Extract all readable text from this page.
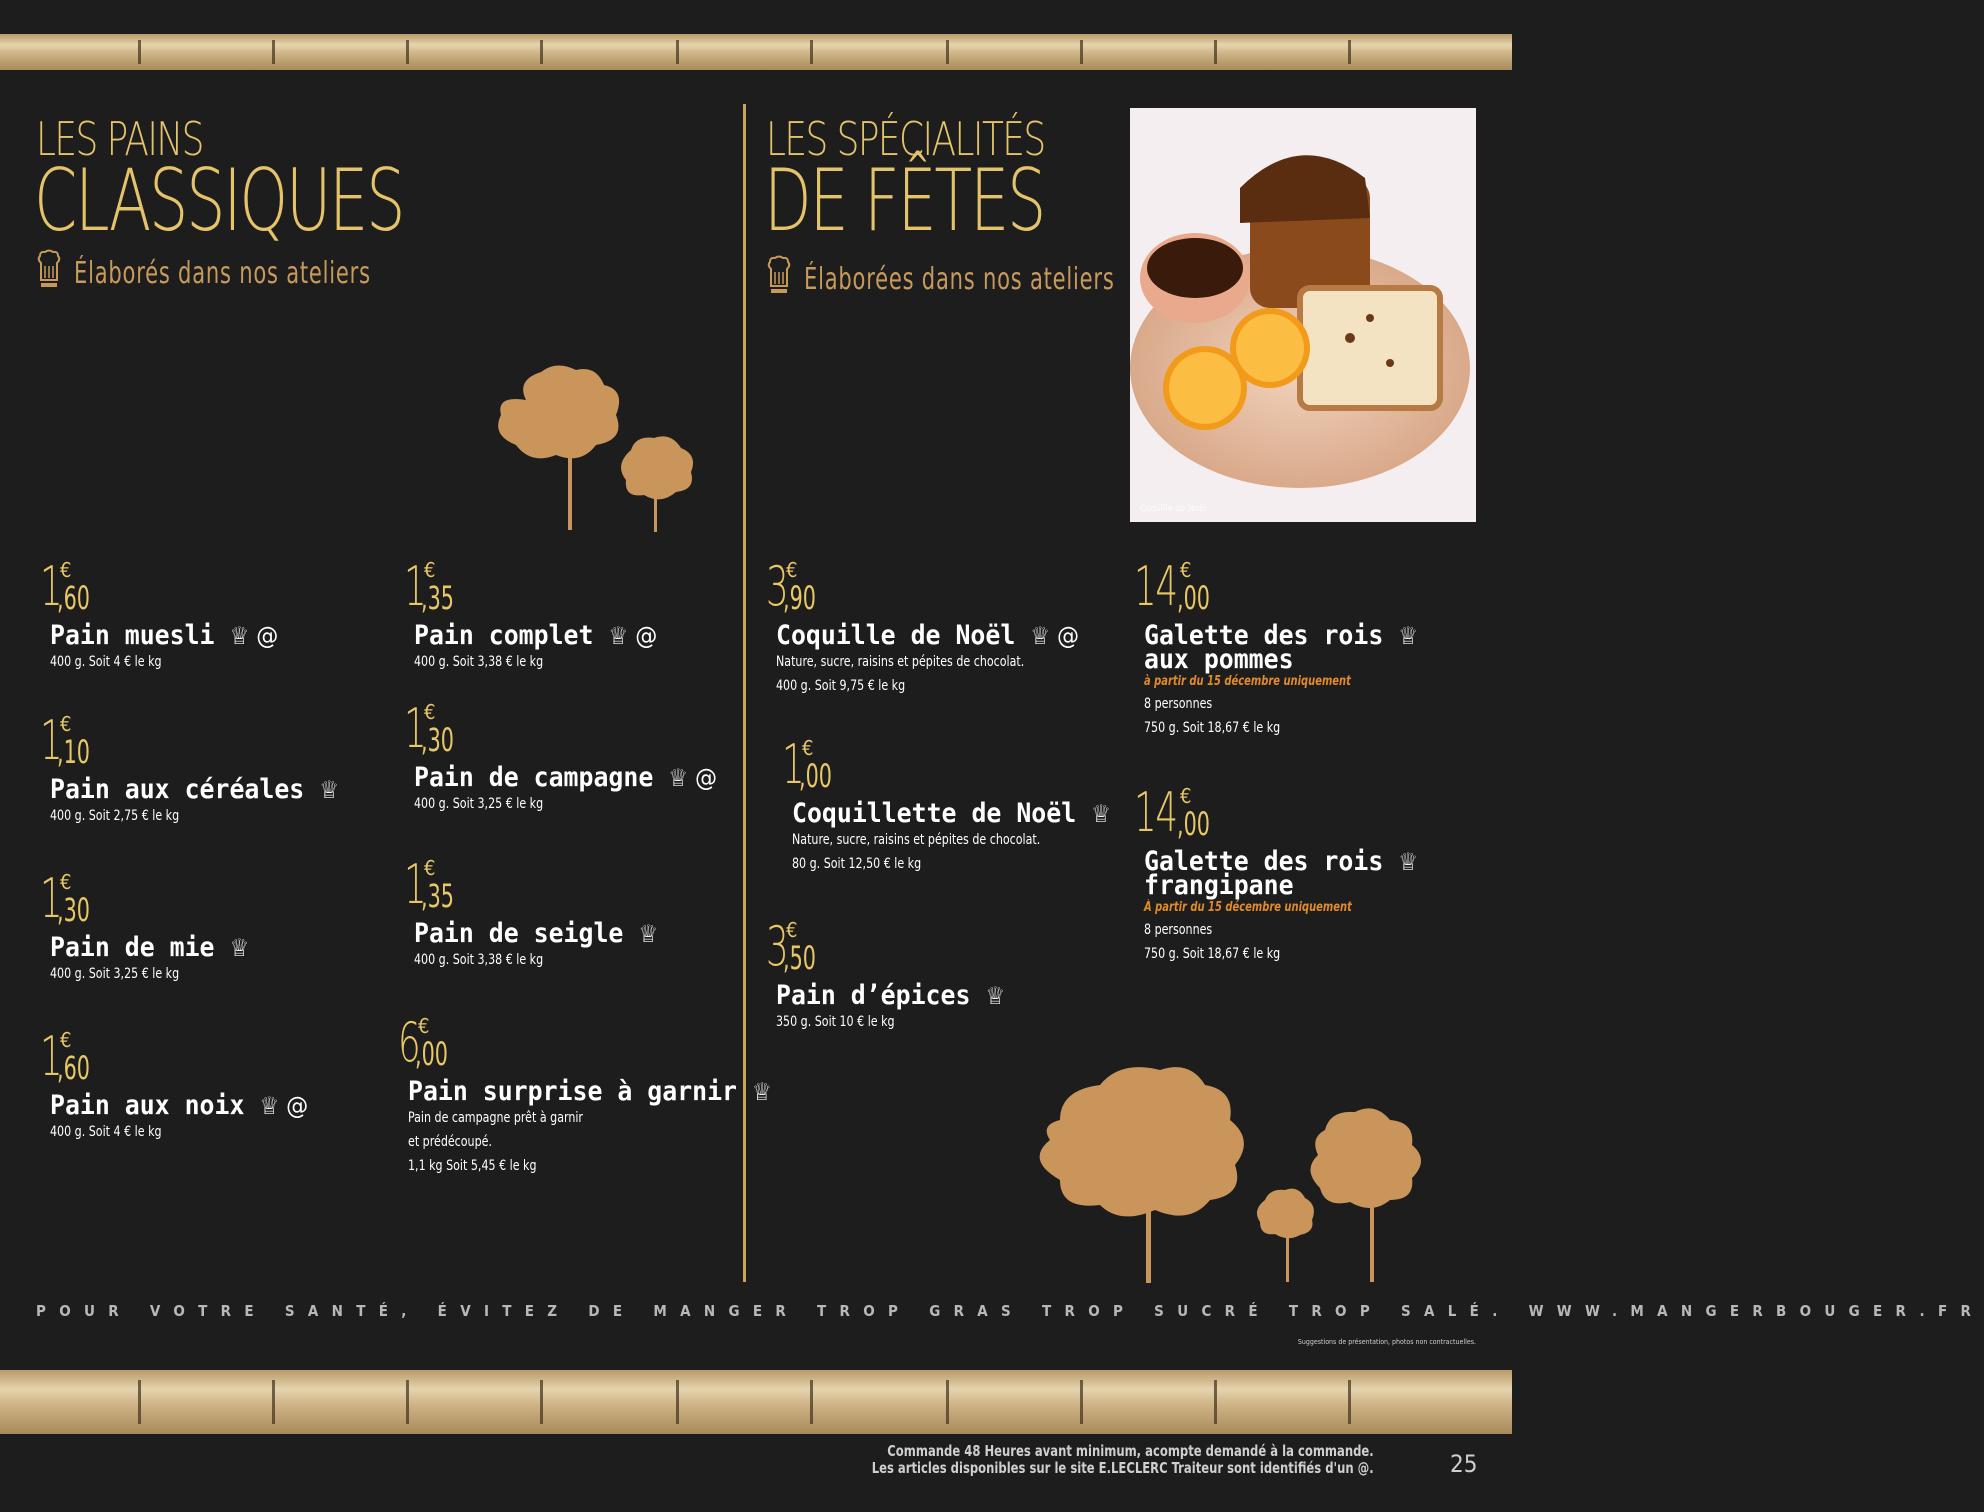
LES PAINS
CLASSIQUES
Élaborés dans nos ateliers
LES SPÉCIALITÉS
DE FÊTES
Élaborées dans nos ateliers
Coquille de Noël
1
€
,60
Pain muesli ♕ @
400 g. Soit 4 € le kg
1
€
,10
Pain aux céréales ♕
400 g. Soit 2,75 € le kg
1
€
,30
Pain de mie ♕
400 g. Soit 3,25 € le kg
1
€
,60
Pain aux noix ♕ @
400 g. Soit 4 € le kg
1
€
,35
Pain complet ♕ @
400 g. Soit 3,38 € le kg
1
€
,30
Pain de campagne ♕ @
400 g. Soit 3,25 € le kg
1
€
,35
Pain de seigle ♕
400 g. Soit 3,38 € le kg
6
€
,00
Pain surprise à garnir ♕
Pain de campagne prêt à garnir
et prédécoupé.
1,1 kg Soit 5,45 € le kg
3
€
,90
Coquille de Noël ♕ @
Nature, sucre, raisins et pépites de chocolat.
400 g. Soit 9,75 € le kg
1
€
,00
Coquillette de Noël ♕
Nature, sucre, raisins et pépites de chocolat.
80 g. Soit 12,50 € le kg
3
€
,50
Pain d’épices ♕
350 g. Soit 10 € le kg
14 €
,00
Galette des rois ♕
aux pommes
à partir du 15 décembre uniquement
8 personnes
750 g. Soit 18,67 € le kg
14 €
,00
Galette des rois ♕
frangipane
À partir du 15 décembre uniquement
8 personnes
750 g. Soit 18,67 € le kg
POUR VOTRE SANTÉ, ÉVITEZ DE MANGER TROP GRAS TROP SUCRÉ TROP SALÉ. WWW.MANGERBOUGER.FR
Suggestions de présentation, photos non contractuelles.
Commande 48 Heures avant minimum, acompte demandé à la commande.
Les articles disponibles sur le site E.LECLERC Traiteur sont identifiés d'un @.	25
